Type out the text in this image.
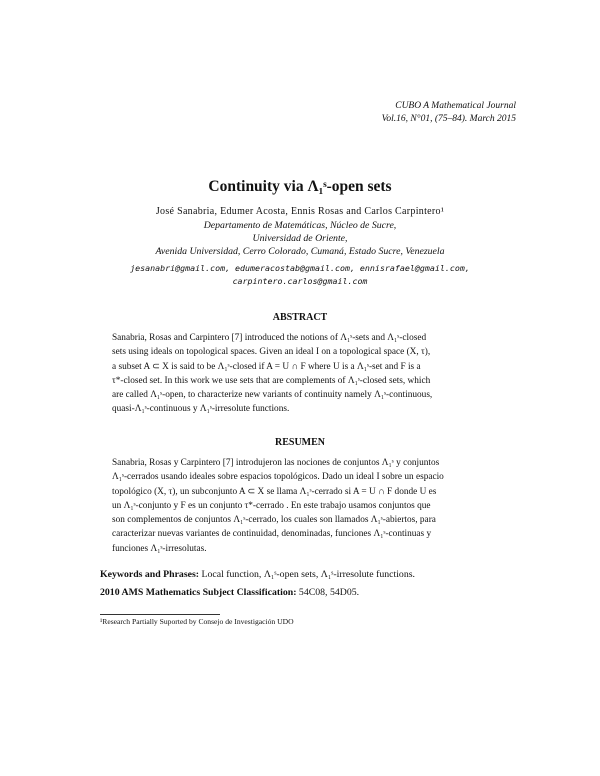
CUBO A Mathematical Journal
Vol.16, N°01, (75–84). March 2015
Continuity via Λ₁ˢ-open sets
José Sanabria, Edumer Acosta, Ennis Rosas and Carlos Carpintero¹
Departamento de Matemáticas, Núcleo de Sucre,
Universidad de Oriente,
Avenida Universidad, Cerro Colorado, Cumaná, Estado Sucre, Venezuela
jesanabri@gmail.com, edumeracostab@gmail.com, ennisrafael@gmail.com,
carpintero.carlos@gmail.com
ABSTRACT
Sanabria, Rosas and Carpintero [7] introduced the notions of Λ₁ˢ-sets and Λ₁ˢ-closed
sets using ideals on topological spaces. Given an ideal I on a topological space (X, τ),
a subset A ⊂ X is said to be Λ₁ˢ-closed if A = U ∩ F where U is a Λ₁ˢ-set and F is a
τ*-closed set. In this work we use sets that are complements of Λ₁ˢ-closed sets, which
are called Λ₁ˢ-open, to characterize new variants of continuity namely Λ₁ˢ-continuous,
quasi-Λ₁ˢ-continuous y Λ₁ˢ-irresolute functions.
RESUMEN
Sanabria, Rosas y Carpintero [7] introdujeron las nociones de conjuntos Λ₁ˢ y conjuntos
Λ₁ˢ-cerrados usando ideales sobre espacios topológicos. Dado un ideal I sobre un espacio
topológico (X, τ), un subconjunto A ⊂ X se llama Λ₁ˢ-cerrado si A = U ∩ F donde U es
un Λ₁ˢ-conjunto y F es un conjunto τ*-cerrado . En este trabajo usamos conjuntos que
son complementos de conjuntos Λ₁ˢ-cerrado, los cuales son llamados Λ₁ˢ-abiertos, para
caracterizar nuevas variantes de continuidad, denominadas, funciones Λ₁ˢ-continuas y
funciones Λ₁ˢ-irresolutas.
Keywords and Phrases: Local function, Λ₁ˢ-open sets, Λ₁ˢ-irresolute functions.
2010 AMS Mathematics Subject Classification: 54C08, 54D05.
¹Research Partially Suported by Consejo de Investigación UDO
